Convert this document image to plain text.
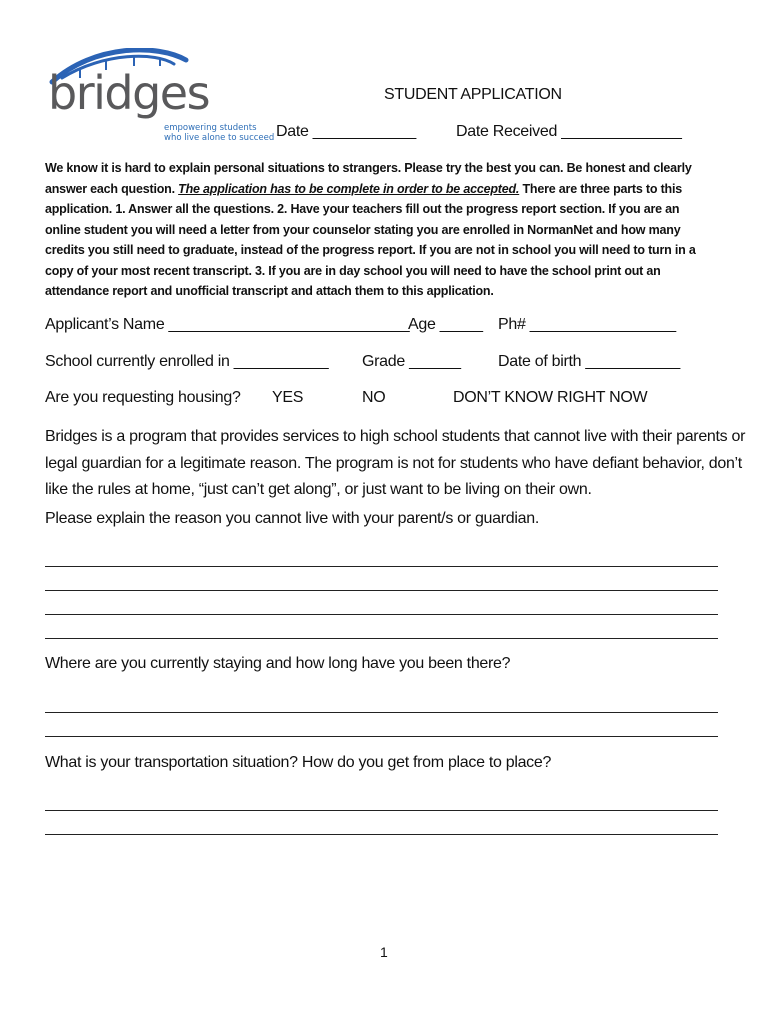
bridges
empowering students
who live alone to succeed
STUDENT APPLICATION
Date ____________	Date Received ______________

We know it is hard to explain personal situations to strangers. Please try the best you can. Be honest and clearly

answer each question. The application has to be complete in order to be accepted. There are three parts to this

application. 1. Answer all the questions. 2. Have your teachers fill out the progress report section. If you are an

online student you will need a letter from your counselor stating you are enrolled in NormanNet and how many

credits you still need to graduate, instead of the progress report. If you are not in school you will need to turn in a

copy of your most recent transcript. 3. If you are in day school you will need to have the school print out an

attendance report and unofficial transcript and attach them to this application.

Applicant’s Name ____________________________
Age _____ Ph# _________________
School currently enrolled in ___________ Grade ______ Date of birth ___________
Are you requesting housing? YES	NO	DON’T KNOW RIGHT NOW

Bridges is a program that provides services to high school students that cannot live with their parents or

legal guardian for a legitimate reason. The program is not for students who have defiant behavior, don’t

like the rules at home, “just can’t get along”, or just want to be living on their own.

Please explain the reason you cannot live with your parent/s or guardian.
Where are you currently staying and how long have you been there?
What is your transportation situation? How do you get from place to place?
1
